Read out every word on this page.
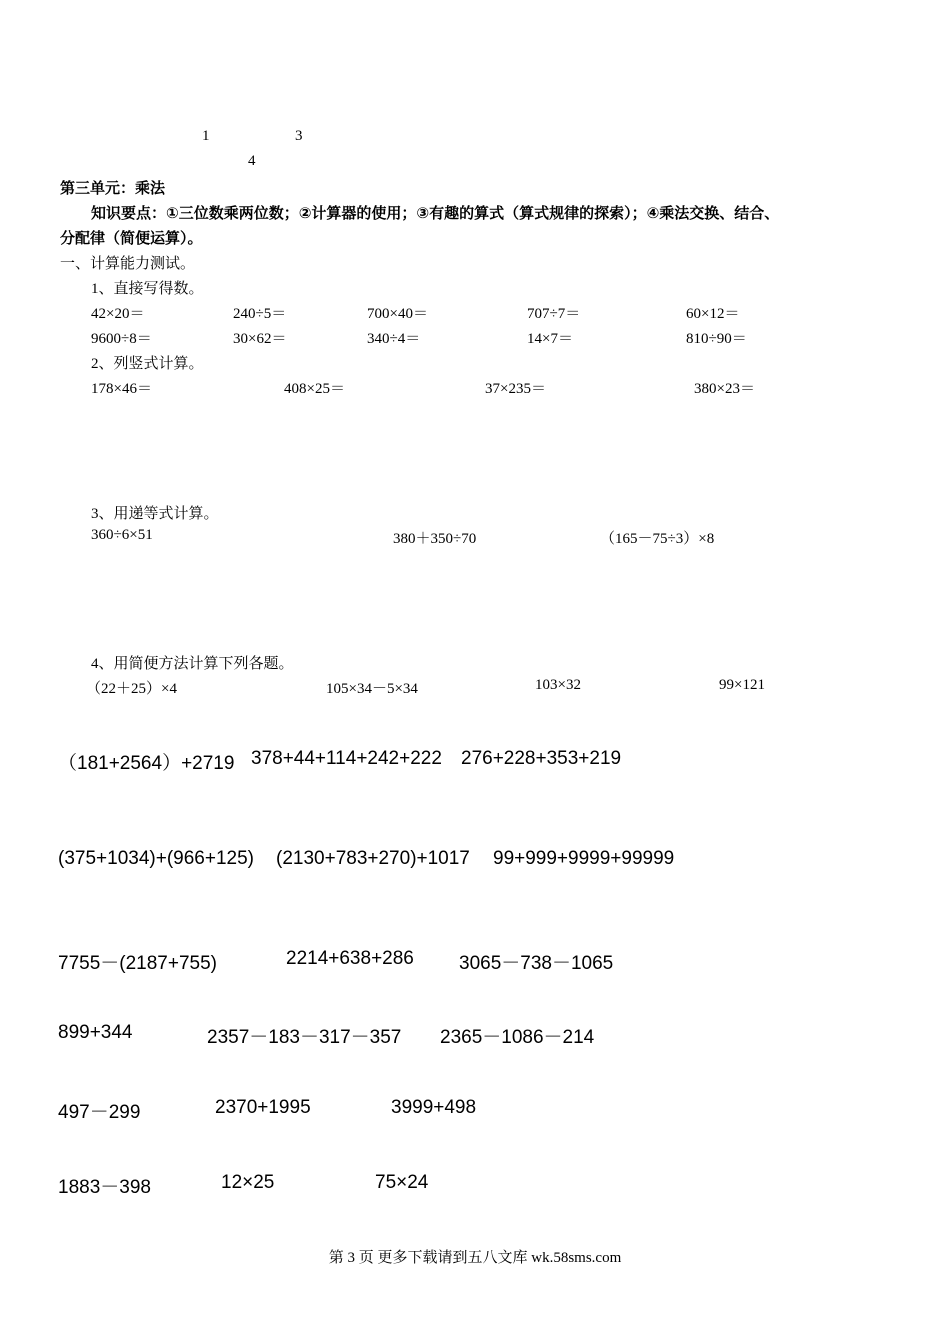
1	3
4
第三单元：乘法
知识要点：①三位数乘两位数；②计算器的使用；③有趣的算式（算式规律的探索）；④乘法交换、结合、
分配律（简便运算）。
一、计算能力测试。
1、直接写得数。
42×20＝	240÷5＝	700×40＝	707÷7＝	60×12＝
9600÷8＝	30×62＝	340÷4＝	14×7＝	810÷90＝
2、列竖式计算。
178×46＝	408×25＝	37×235＝	380×23＝
3、用递等式计算。
360÷6×51	380＋350÷70	（165－75÷3）×8
4、用简便方法计算下列各题。
（22＋25）×4	105×34－5×34	103×32	99×121
（181+2564）+2719 378+44+114+242+222 276+228+353+219
(375+1034)+(966+125) (2130+783+270)+1017 99+999+9999+99999
7755－(2187+755)	2214+638+286 3065－738－1065
899+344	2357－183－317－357 2365－1086－214
497－299	2370+1995	3999+498
1883－398	12×25	75×24
第 3 页 更多下载请到五八文库 wk.58sms.com
